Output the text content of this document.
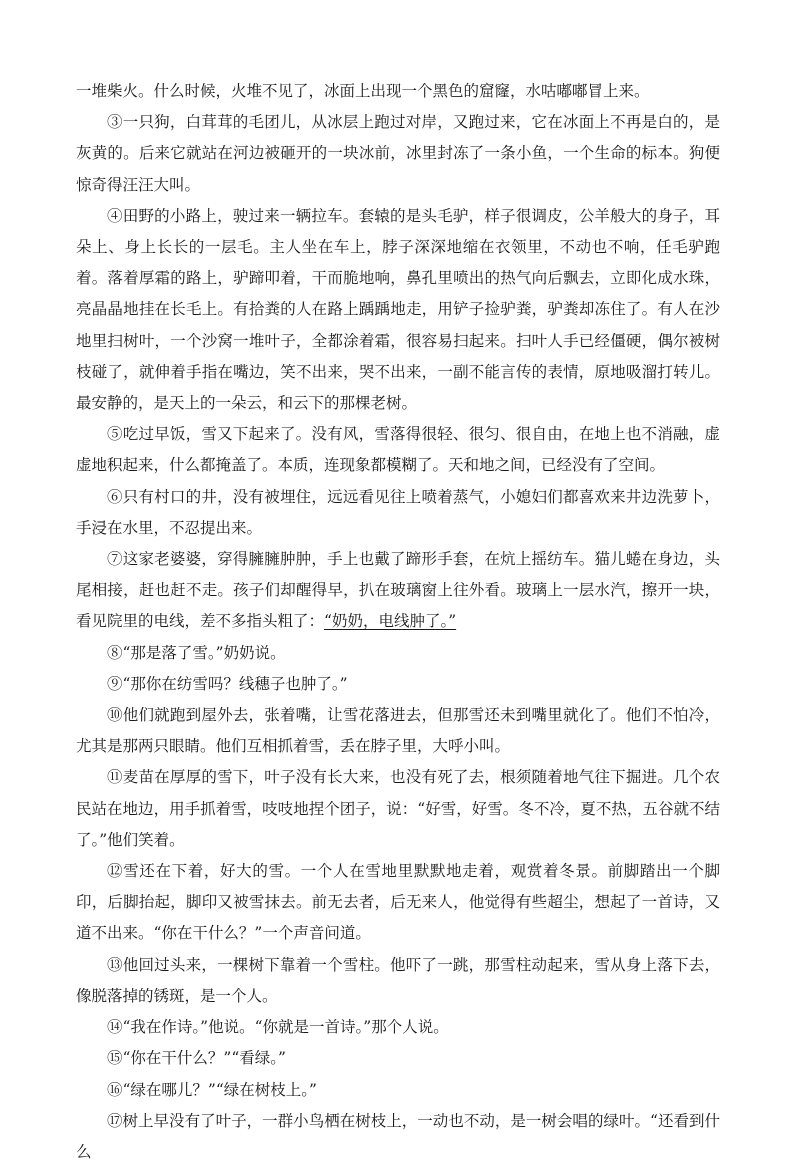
一堆柴火。什么时候，火堆不见了，冰面上出现一个黑色的窟窿，水咕嘟嘟冒上来。

③一只狗，白茸茸的毛团儿，从冰层上跑过对岸，又跑过来，它在冰面上不再是白的，是灰黄的。后来它就站在河边被砸开的一块冰前，冰里封冻了一条小鱼，一个生命的标本。狗便惊奇得汪汪大叫。

④田野的小路上，驶过来一辆拉车。套辕的是头毛驴，样子很调皮，公羊般大的身子，耳朵上、身上长长的一层毛。主人坐在车上，脖子深深地缩在衣领里，不动也不响，任毛驴跑着。落着厚霜的路上，驴蹄叩着，干而脆地响，鼻孔里喷出的热气向后飘去，立即化成水珠，亮晶晶地挂在长毛上。有拾粪的人在路上踽踽地走，用铲子捡驴粪，驴粪却冻住了。有人在沙地里扫树叶，一个沙窝一堆叶子，全都涂着霜，很容易扫起来。扫叶人手已经僵硬，偶尔被树枝碰了，就伸着手指在嘴边，笑不出来，哭不出来，一副不能言传的表情，原地吸溜打转儿。最安静的，是天上的一朵云，和云下的那棵老树。

⑤吃过早饭，雪又下起来了。没有风，雪落得很轻、很匀、很自由，在地上也不消融，虚虚地积起来，什么都掩盖了。本质，连现象都模糊了。天和地之间，已经没有了空间。

⑥只有村口的井，没有被埋住，远远看见往上喷着蒸气，小媳妇们都喜欢来井边洗萝卜，手浸在水里，不忍提出来。

⑦这家老婆婆，穿得臃臃肿肿，手上也戴了蹄形手套，在炕上摇纺车。猫儿蜷在身边，头尾相接，赶也赶不走。孩子们却醒得早，扒在玻璃窗上往外看。玻璃上一层水汽，擦开一块，看见院里的电线，差不多指头粗了：“奶奶，电线肿了。”

⑧“那是落了雪。”奶奶说。

⑨“那你在纺雪吗？线穗子也肿了。”

⑩他们就跑到屋外去，张着嘴，让雪花落进去，但那雪还未到嘴里就化了。他们不怕冷，尤其是那两只眼睛。他们互相抓着雪，丢在脖子里，大呼小叫。

⑪麦苗在厚厚的雪下，叶子没有长大来，也没有死了去，根须随着地气往下掘进。几个农民站在地边，用手抓着雪，吱吱地捏个团子，说：“好雪，好雪。冬不冷，夏不热，五谷就不结了。”他们笑着。

⑫雪还在下着，好大的雪。一个人在雪地里默默地走着，观赏着冬景。前脚踏出一个脚印，后脚抬起，脚印又被雪抹去。前无去者，后无来人，他觉得有些超尘，想起了一首诗，又道不出来。“你在干什么？”一个声音问道。

⑬他回过头来，一棵树下靠着一个雪柱。他吓了一跳，那雪柱动起来，雪从身上落下去，像脱落掉的锈斑，是一个人。

⑭“我在作诗。”他说。“你就是一首诗。”那个人说。

⑮“你在干什么？”“看绿。”

⑯“绿在哪儿？”“绿在树枝上。”

⑰树上早没有了叶子，一群小鸟栖在树枝上，一动也不动，是一树会唱的绿叶。“还看到什么
